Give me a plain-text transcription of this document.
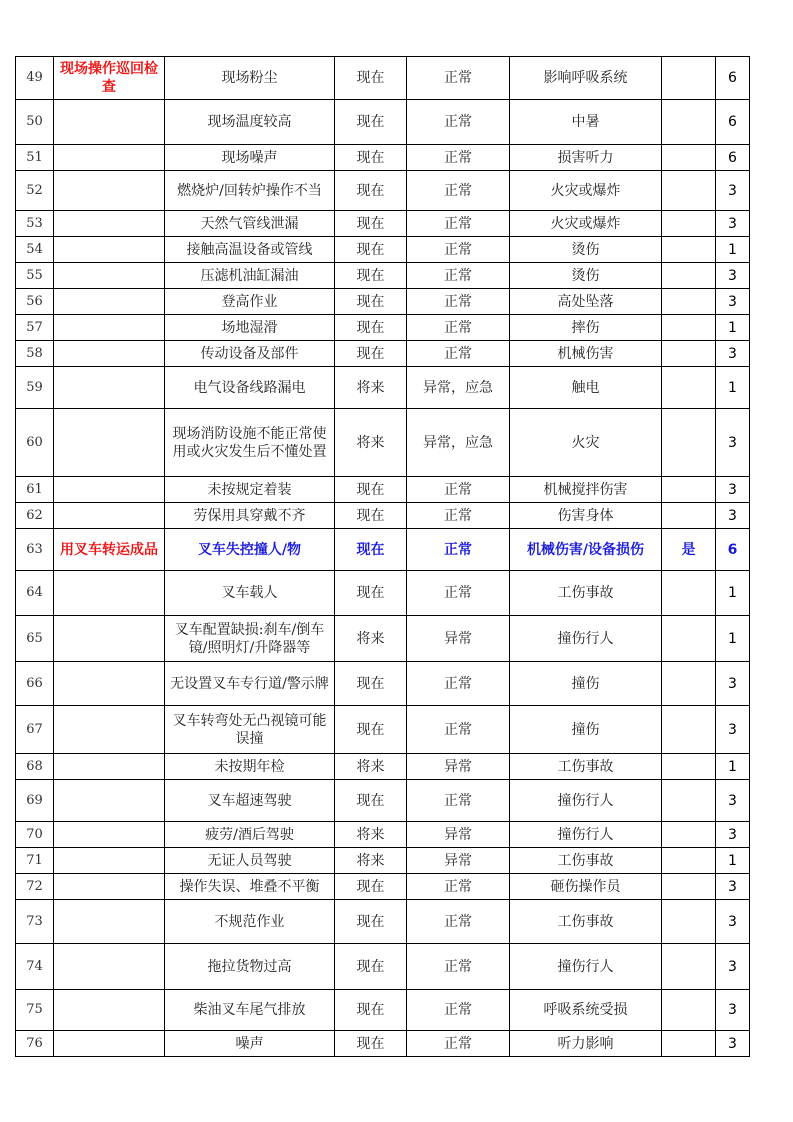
49	现场操作巡回检查	现场粉尘	现在	正常	影响呼吸系统		6
50		现场温度较高	现在	正常	中暑		6
51		现场噪声	现在	正常	损害听力		6
52		燃烧炉/回转炉操作不当	现在	正常	火灾或爆炸		3
53		天然气管线泄漏	现在	正常	火灾或爆炸		3
54		接触高温设备或管线	现在	正常	烫伤		1
55		压滤机油缸漏油	现在	正常	烫伤		3
56		登高作业	现在	正常	高处坠落		3
57		场地湿滑	现在	正常	摔伤		1
58		传动设备及部件	现在	正常	机械伤害		3
59		电气设备线路漏电	将来	异常，应急	触电		1
60		现场消防设施不能正常使用或火灾发生后不懂处置	将来	异常，应急	火灾		3
61		未按规定着装	现在	正常	机械搅拌伤害		3
62		劳保用具穿戴不齐	现在	正常	伤害身体		3
63	用叉车转运成品	叉车失控撞人/物	现在	正常	机械伤害/设备损伤	是	6
64		叉车载人	现在	正常	工伤事故		1
65		叉车配置缺损:刹车/倒车镜/照明灯/升降器等	将来	异常	撞伤行人		1
66		无设置叉车专行道/警示牌	现在	正常	撞伤		3
67		叉车转弯处无凸视镜可能误撞	现在	正常	撞伤		3
68		未按期年检	将来	异常	工伤事故		1
69		叉车超速驾驶	现在	正常	撞伤行人		3
70		疲劳/酒后驾驶	将来	异常	撞伤行人		3
71		无证人员驾驶	将来	异常	工伤事故		1
72		操作失误、堆叠不平衡	现在	正常	砸伤操作员		3
73		不规范作业	现在	正常	工伤事故		3
74		拖拉货物过高	现在	正常	撞伤行人		3
75		柴油叉车尾气排放	现在	正常	呼吸系统受损		3
76		噪声	现在	正常	听力影响		3
